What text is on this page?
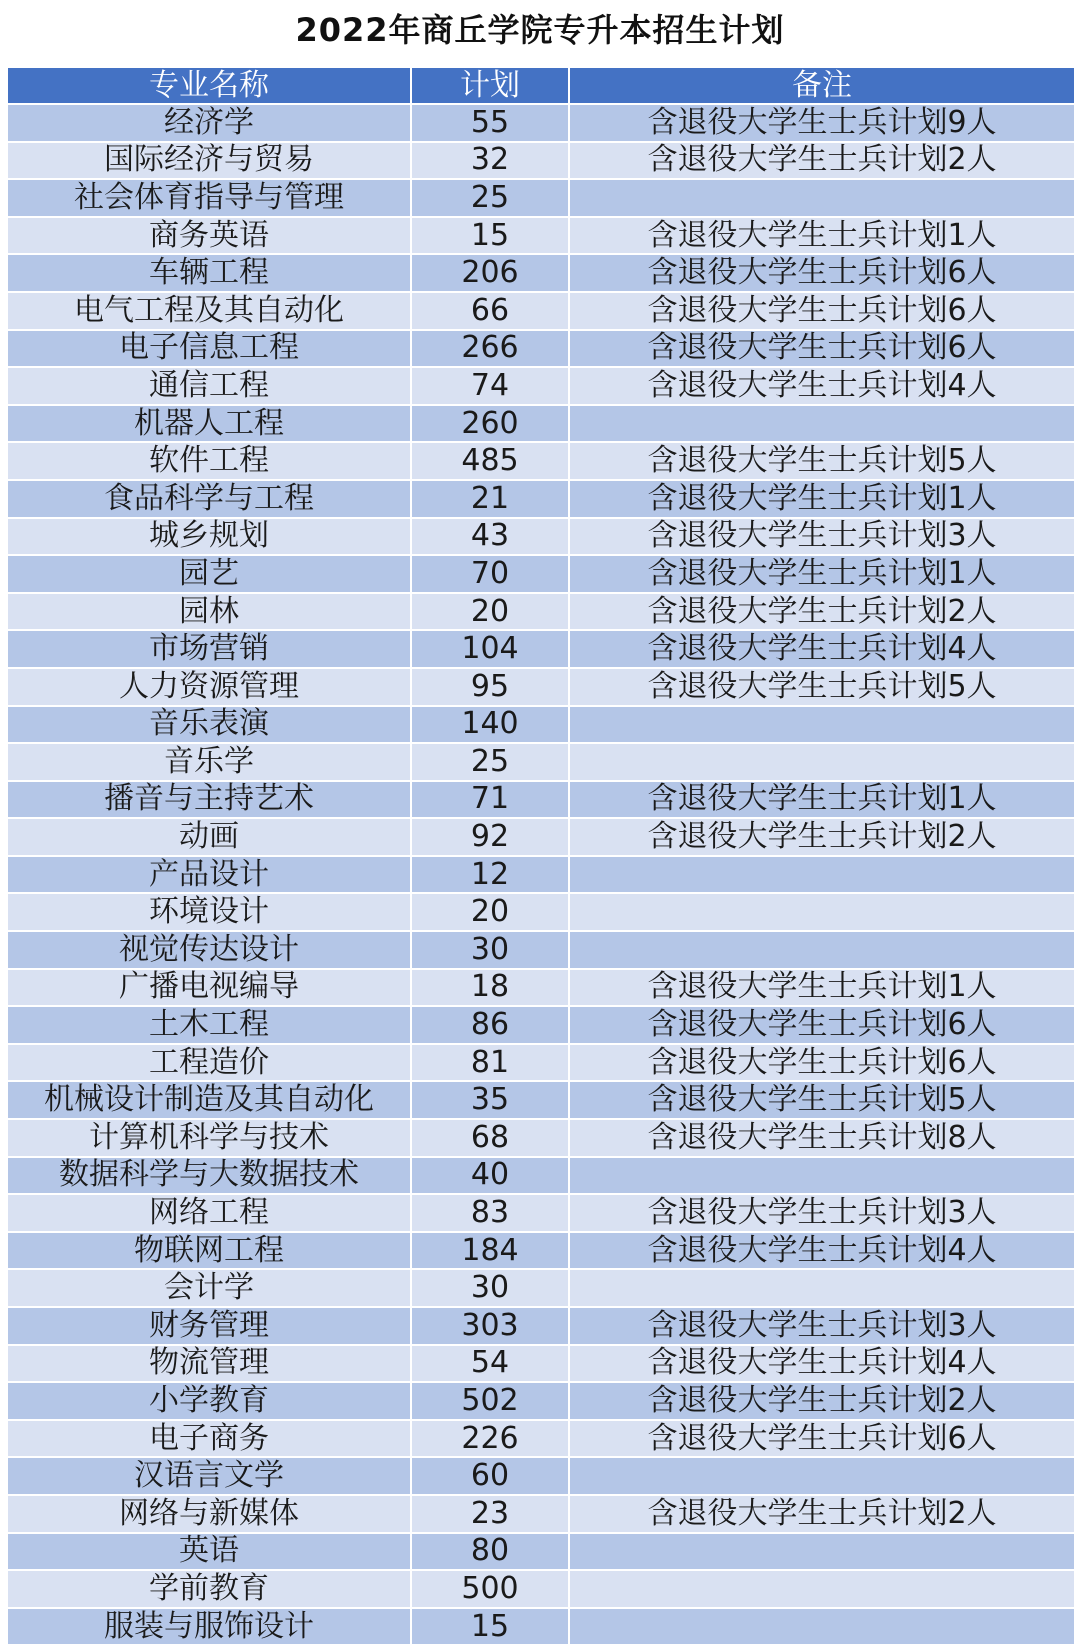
2022年商丘学院专升本招生计划
专业名称	计划	备注
经济学	55	含退役大学生士兵计划9人
国际经济与贸易	32	含退役大学生士兵计划2人
社会体育指导与管理	25	
商务英语	15	含退役大学生士兵计划1人
车辆工程	206	含退役大学生士兵计划6人
电气工程及其自动化	66	含退役大学生士兵计划6人
电子信息工程	266	含退役大学生士兵计划6人
通信工程	74	含退役大学生士兵计划4人
机器人工程	260	
软件工程	485	含退役大学生士兵计划5人
食品科学与工程	21	含退役大学生士兵计划1人
城乡规划	43	含退役大学生士兵计划3人
园艺	70	含退役大学生士兵计划1人
园林	20	含退役大学生士兵计划2人
市场营销	104	含退役大学生士兵计划4人
人力资源管理	95	含退役大学生士兵计划5人
音乐表演	140	
音乐学	25	
播音与主持艺术	71	含退役大学生士兵计划1人
动画	92	含退役大学生士兵计划2人
产品设计	12	
环境设计	20	
视觉传达设计	30	
广播电视编导	18	含退役大学生士兵计划1人
土木工程	86	含退役大学生士兵计划6人
工程造价	81	含退役大学生士兵计划6人
机械设计制造及其自动化	35	含退役大学生士兵计划5人
计算机科学与技术	68	含退役大学生士兵计划8人
数据科学与大数据技术	40	
网络工程	83	含退役大学生士兵计划3人
物联网工程	184	含退役大学生士兵计划4人
会计学	30	
财务管理	303	含退役大学生士兵计划3人
物流管理	54	含退役大学生士兵计划4人
小学教育	502	含退役大学生士兵计划2人
电子商务	226	含退役大学生士兵计划6人
汉语言文学	60	
网络与新媒体	23	含退役大学生士兵计划2人
英语	80	
学前教育	500	
服装与服饰设计	15	
